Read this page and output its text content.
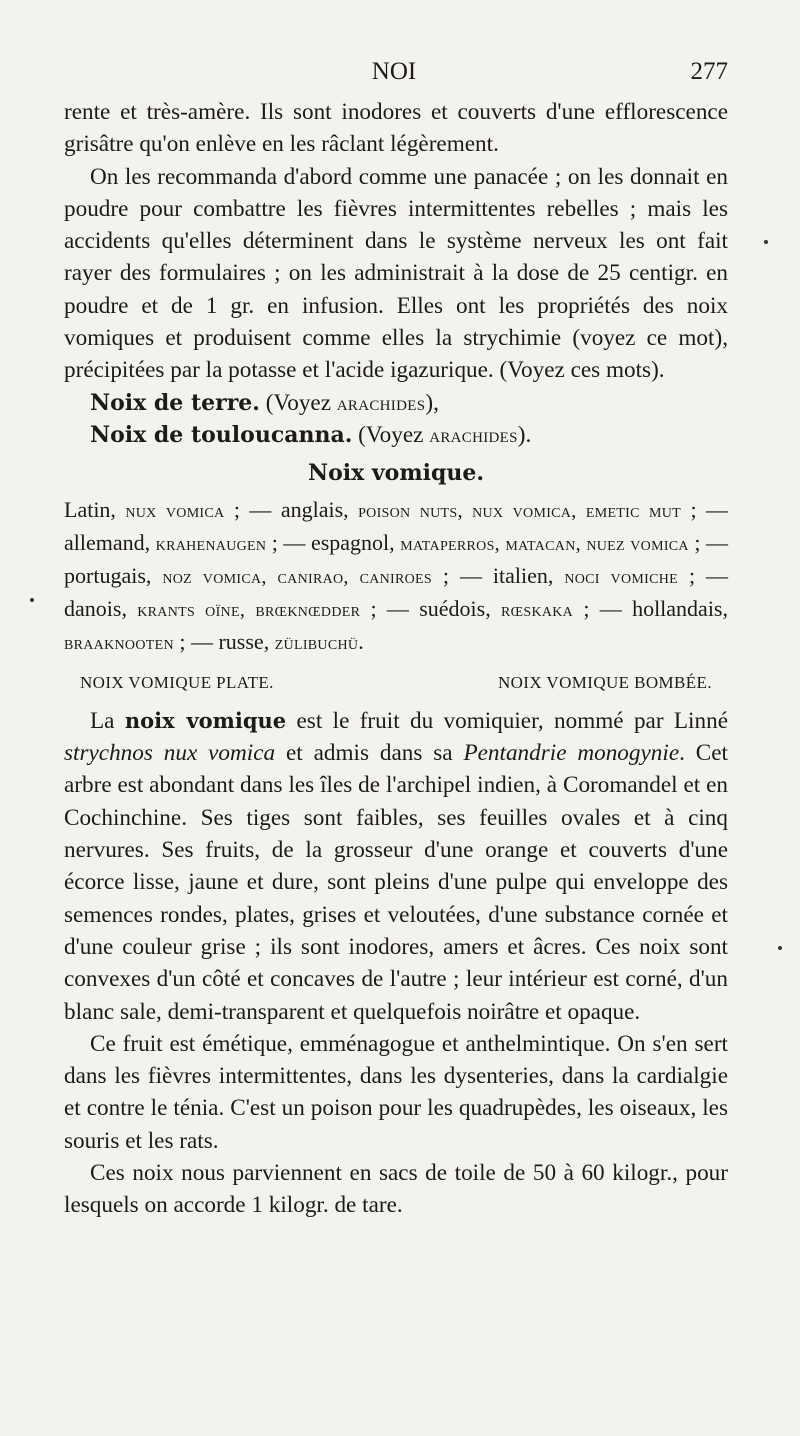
NOI	277

rente et très-amère. Ils sont inodores et couverts d'une efflorescence grisâtre qu'on enlève en les râclant légèrement.

On les recommanda d'abord comme une panacée ; on les donnait en poudre pour combattre les fièvres intermittentes rebelles ; mais les accidents qu'elles déterminent dans le système nerveux les ont fait rayer des formulaires ; on les administrait à la dose de 25 centigr. en poudre et de 1 gr. en infusion. Elles ont les propriétés des noix vomiques et produisent comme elles la strychimie (voyez ce mot), précipitées par la potasse et l'acide igazurique. (Voyez ces mots).

Noix de terre. (Voyez arachides),

Noix de touloucanna. (Voyez arachides).

Noix vomique.

Latin, nux vomica ; — anglais, poison nuts, nux vomica, emetic mut ; — allemand, krahenaugen ; — espagnol, mataperros, matacan, nuez vomica ; — portugais, noz vomica, canirao, caniroes ; — italien, noci vomiche ; — danois, krants oïne, brœknœdder ; — suédois, rœskaka ; — hollandais, braaknooten ; — russe, zülibuchü.

NOIX VOMIQUE PLATE.	NOIX VOMIQUE BOMBÉE.

La noix vomique est le fruit du vomiquier, nommé par Linné strychnos nux vomica et admis dans sa Pentandrie monogynie. Cet arbre est abondant dans les îles de l'archipel indien, à Coromandel et en Cochinchine. Ses tiges sont faibles, ses feuilles ovales et à cinq nervures. Ses fruits, de la grosseur d'une orange et couverts d'une écorce lisse, jaune et dure, sont pleins d'une pulpe qui enveloppe des semences rondes, plates, grises et veloutées, d'une substance cornée et d'une couleur grise ; ils sont inodores, amers et âcres. Ces noix sont convexes d'un côté et concaves de l'autre ; leur intérieur est corné, d'un blanc sale, demi-transparent et quelquefois noirâtre et opaque.

Ce fruit est émétique, emménagogue et anthelmintique. On s'en sert dans les fièvres intermittentes, dans les dysenteries, dans la cardialgie et contre le ténia. C'est un poison pour les quadrupèdes, les oiseaux, les souris et les rats.

Ces noix nous parviennent en sacs de toile de 50 à 60 kilogr., pour lesquels on accorde 1 kilogr. de tare.
